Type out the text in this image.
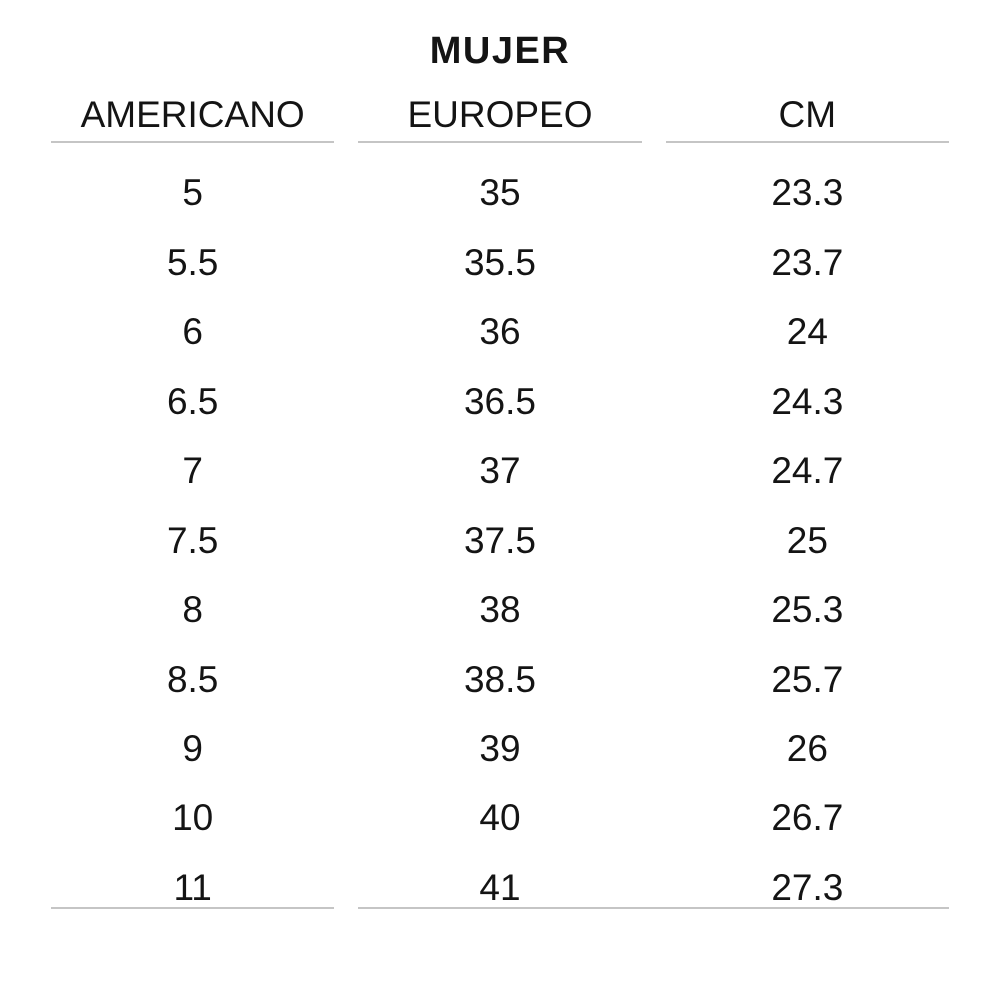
MUJER
AMERICANO	EUROPEO	CM
5	35	23.3
5.5	35.5	23.7
6	36	24
6.5	36.5	24.3
7	37	24.7
7.5	37.5	25
8	38	25.3
8.5	38.5	25.7
9	39	26
10	40	26.7
11	41	27.3
